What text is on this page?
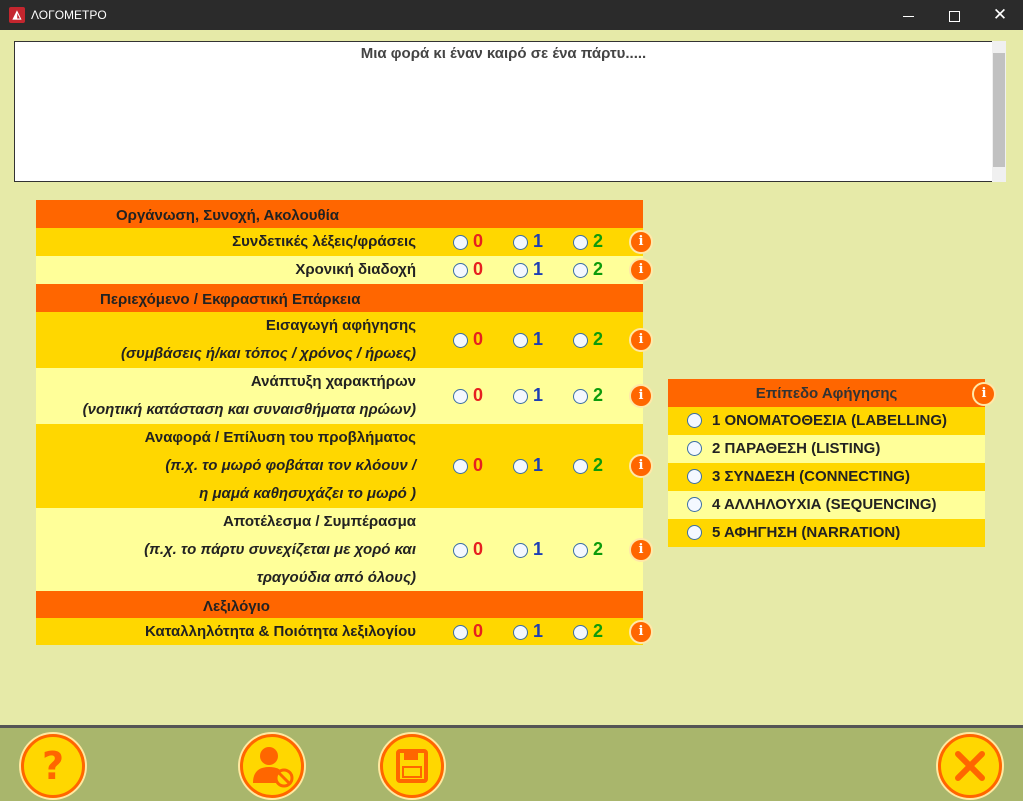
◭ ΛΟΓΟΜΕΤΡΟ	✕
Μια φορά κι έναν καιρό σε ένα πάρτυ.....
Οργάνωση, Συνοχή, Ακολουθία
Συνδετικές λέξεις/φράσεις	0	1	2	i
Χρονική διαδοχή	0	1	2	i
Περιεχόμενο / Εκφραστική Επάρκεια
Εισαγωγή αφήγησης
(συμβάσεις ή/και τόπος / χρόνος / ήρωες)
0	1	2	i
Ανάπτυξη χαρακτήρων
(νοητική κατάσταση και συναισθήματα ηρώων)
0	1	2	i
Αναφορά / Επίλυση του προβλήματος
(π.χ. το μωρό φοβάται τον κλόουν /
η μαμά καθησυχάζει το μωρό )
0	1	2	i
Αποτέλεσμα / Συμπέρασμα
(π.χ. το πάρτυ συνεχίζεται με χορό και
τραγούδια από όλους)
0	1	2	i
Λεξιλόγιο
Καταλληλότητα & Ποιότητα λεξιλογίου	0	1	2	i
Επίπεδο Αφήγησης	i
1 ΟΝΟΜΑΤΟΘΕΣΙΑ (LABELLING)
2 ΠΑΡΑΘΕΣΗ (LISTING)
3 ΣΥΝΔΕΣΗ (CONNECTING)
4 ΑΛΛΗΛΟΥΧΙΑ (SEQUENCING)
5 ΑΦΗΓΗΣΗ (NARRATION)
?
